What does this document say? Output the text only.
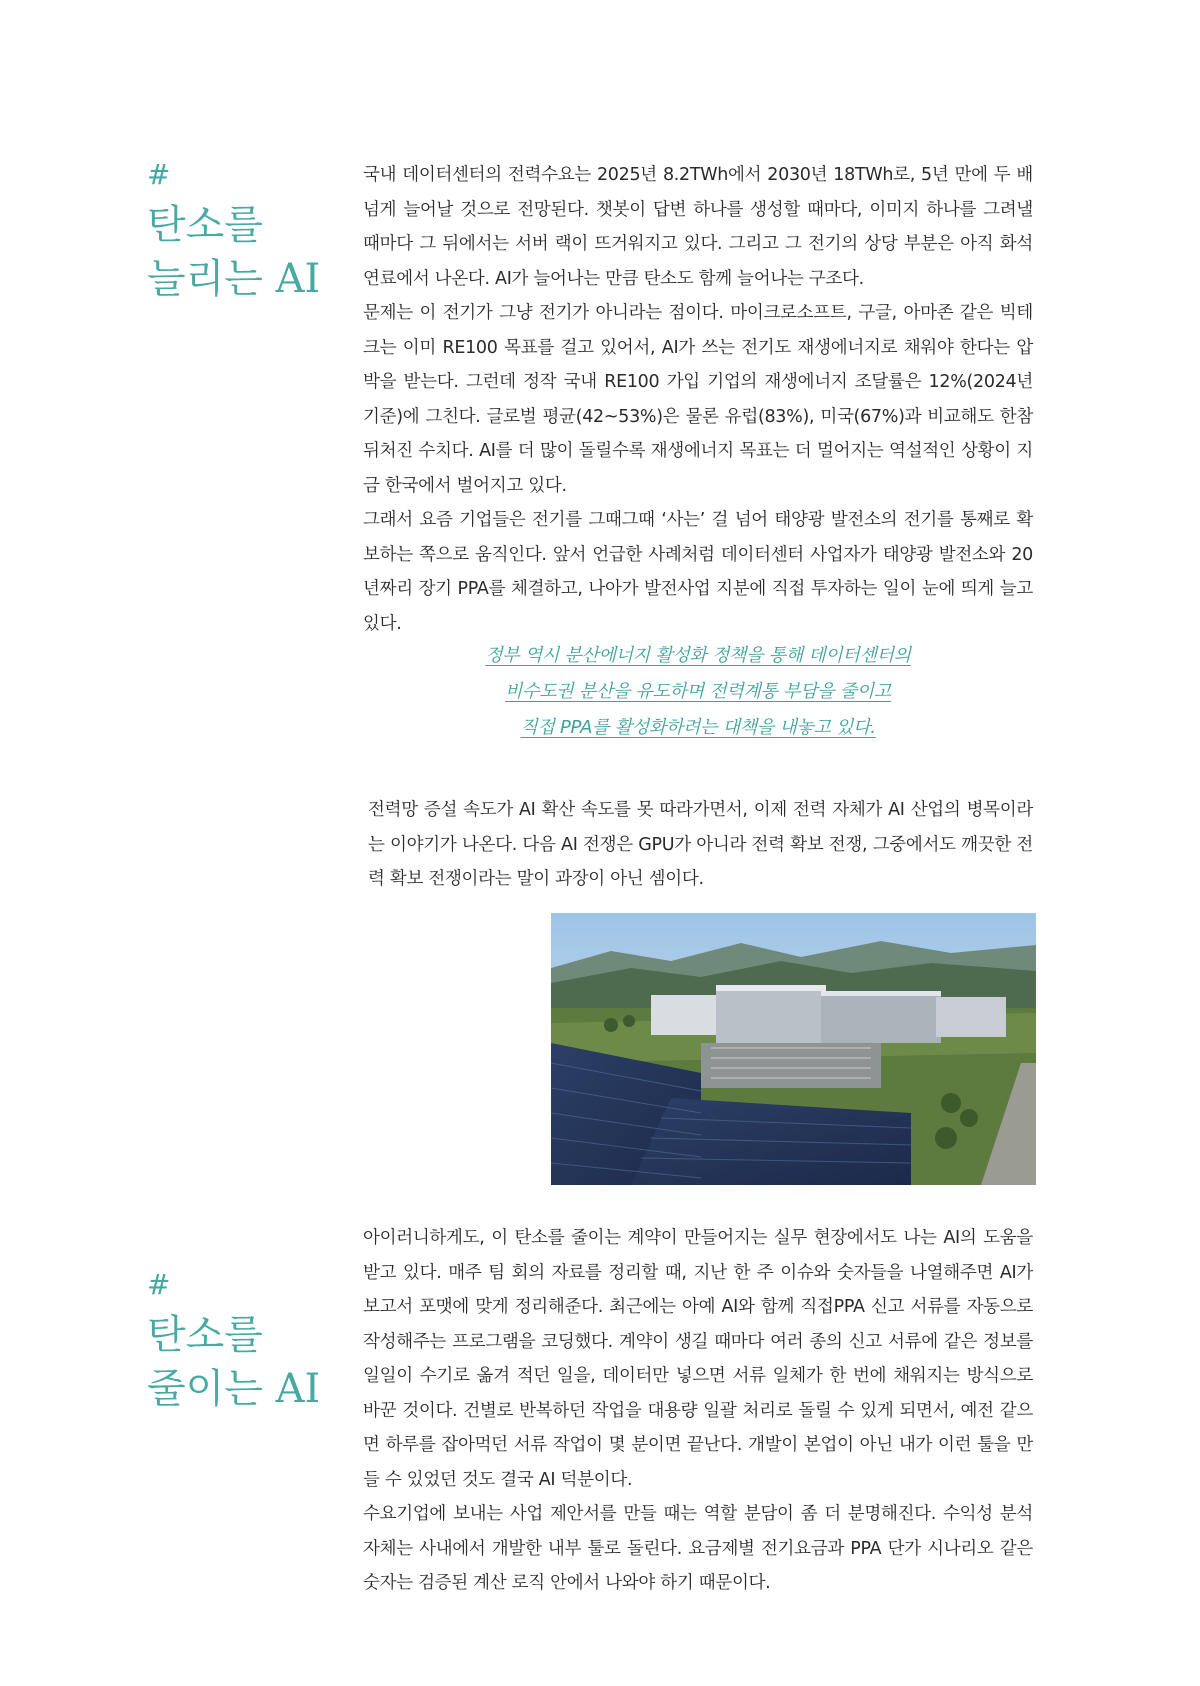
#
탄소를
늘리는 AI

국내 데이터센터의 전력수요는 2025년 8.2TWh에서 2030년 18TWh로, 5년 만에 두 배 넘게 늘어날 것으로 전망된다. 챗봇이 답변 하나를 생성할 때마다, 이미지 하나를 그려낼 때마다 그 뒤에서는 서버 랙이 뜨거워지고 있다. 그리고 그 전기의 상당 부분은 아직 화석연료에서 나온다. AI가 늘어나는 만큼 탄소도 함께 늘어나는 구조다.

문제는 이 전기가 그냥 전기가 아니라는 점이다. 마이크로소프트, 구글, 아마존 같은 빅테크는 이미 RE100 목표를 걸고 있어서, AI가 쓰는 전기도 재생에너지로 채워야 한다는 압박을 받는다. 그런데 정작 국내 RE100 가입 기업의 재생에너지 조달률은 12%(2024년 기준)에 그친다. 글로벌 평균(42~53%)은 물론 유럽(83%), 미국(67%)과 비교해도 한참 뒤처진 수치다. AI를 더 많이 돌릴수록 재생에너지 목표는 더 멀어지는 역설적인 상황이 지금 한국에서 벌어지고 있다.

그래서 요즘 기업들은 전기를 그때그때 ‘사는’ 걸 넘어 태양광 발전소의 전기를 통째로 확보하는 쪽으로 움직인다. 앞서 언급한 사례처럼 데이터센터 사업자가 태양광 발전소와 20년짜리 장기 PPA를 체결하고, 나아가 발전사업 지분에 직접 투자하는 일이 눈에 띄게 늘고 있다.

정부 역시 분산에너지 활성화 정책을 통해 데이터센터의
비수도권 분산을 유도하며 전력계통 부담을 줄이고
직접 PPA를 활성화하려는 대책을 내놓고 있다.

전력망 증설 속도가 AI 확산 속도를 못 따라가면서, 이제 전력 자체가 AI 산업의 병목이라는 이야기가 나온다. 다음 AI 전쟁은 GPU가 아니라 전력 확보 전쟁, 그중에서도 깨끗한 전력 확보 전쟁이라는 말이 과장이 아닌 셈이다.

#
탄소를
줄이는 AI

아이러니하게도, 이 탄소를 줄이는 계약이 만들어지는 실무 현장에서도 나는 AI의 도움을 받고 있다. 매주 팀 회의 자료를 정리할 때, 지난 한 주 이슈와 숫자들을 나열해주면 AI가 보고서 포맷에 맞게 정리해준다. 최근에는 아예 AI와 함께 직접PPA 신고 서류를 자동으로 작성해주는 프로그램을 코딩했다. 계약이 생길 때마다 여러 종의 신고 서류에 같은 정보를 일일이 수기로 옮겨 적던 일을, 데이터만 넣으면 서류 일체가 한 번에 채워지는 방식으로 바꾼 것이다. 건별로 반복하던 작업을 대용량 일괄 처리로 돌릴 수 있게 되면서, 예전 같으면 하루를 잡아먹던 서류 작업이 몇 분이면 끝난다. 개발이 본업이 아닌 내가 이런 툴을 만들 수 있었던 것도 결국 AI 덕분이다.

수요기업에 보내는 사업 제안서를 만들 때는 역할 분담이 좀 더 분명해진다. 수익성 분석 자체는 사내에서 개발한 내부 툴로 돌린다. 요금제별 전기요금과 PPA 단가 시나리오 같은 숫자는 검증된 계산 로직 안에서 나와야 하기 때문이다.
